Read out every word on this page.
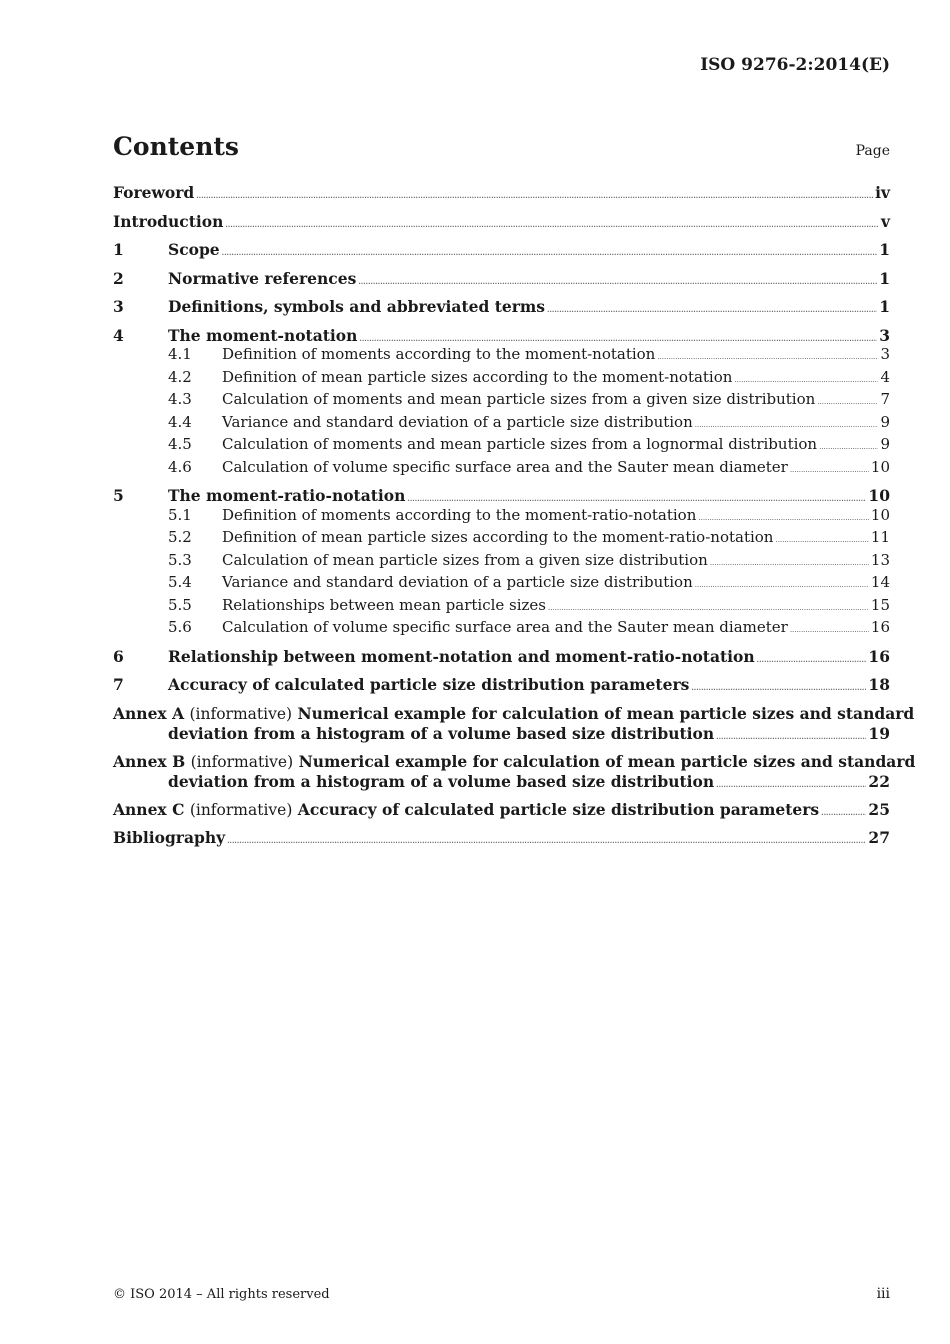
ISO 9276-2:2014(E)
Contents	Page
Foreword .....	iv
Introduction .....	v
1	Scope .....	1
2	Normative references .....	1
3	Definitions, symbols and abbreviated terms .....	1
4	The moment-notation .....	3
4.1	Definition of moments according to the moment-notation .....	3
4.2	Definition of mean particle sizes according to the moment-notation .....	4
4.3	Calculation of moments and mean particle sizes from a given size distribution .....	7
4.4	Variance and standard deviation of a particle size distribution .....	9
4.5	Calculation of moments and mean particle sizes from a lognormal distribution .....	9
4.6	Calculation of volume specific surface area and the Sauter mean diameter .....	10
5	The moment-ratio-notation .....	10
5.1	Definition of moments according to the moment-ratio-notation .....	10
5.2	Definition of mean particle sizes according to the moment-ratio-notation .....	11
5.3	Calculation of mean particle sizes from a given size distribution .....	13
5.4	Variance and standard deviation of a particle size distribution .....	14
5.5	Relationships between mean particle sizes .....	15
5.6	Calculation of volume specific surface area and the Sauter mean diameter .....	16
6	Relationship between moment-notation and moment-ratio-notation .....	16
7	Accuracy of calculated particle size distribution parameters .....	18
Annex A (informative) Numerical example for calculation of mean particle sizes and standard
deviation from a histogram of a volume based size distribution .....	19
Annex B (informative) Numerical example for calculation of mean particle sizes and standard
deviation from a histogram of a volume based size distribution .....	22
Annex C (informative) Accuracy of calculated particle size distribution parameters .....	25
Bibliography .....	27
© ISO 2014 – All rights reserved	iii
